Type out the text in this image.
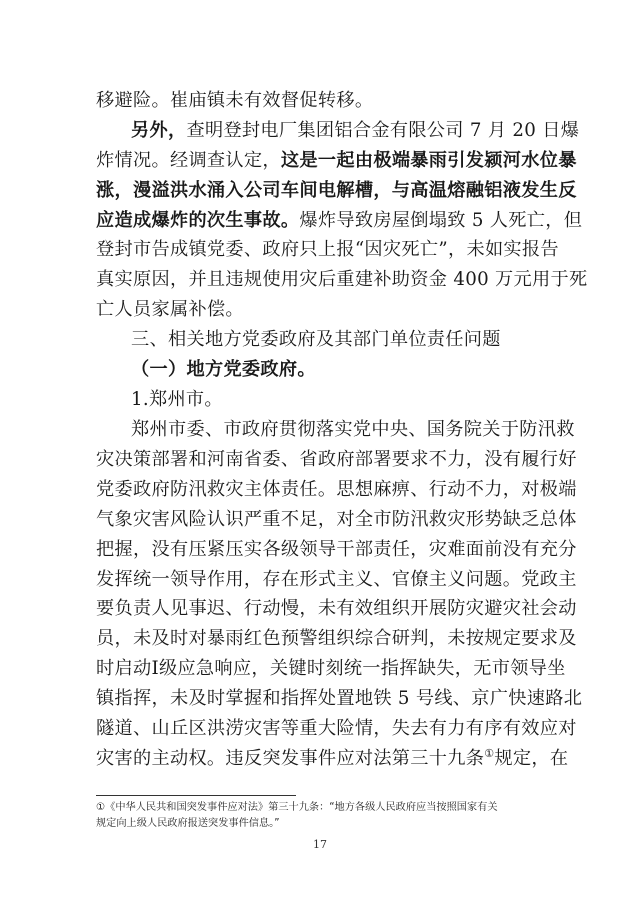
移避险。崔庙镇未有效督促转移。
另外，查明登封电厂集团铝合金有限公司 7 月 20 日爆
炸情况。经调查认定，这是一起由极端暴雨引发颍河水位暴
涨，漫溢洪水涌入公司车间电解槽，与高温熔融铝液发生反
应造成爆炸的次生事故。爆炸导致房屋倒塌致 5 人死亡，但
登封市告成镇党委、政府只上报“因灾死亡”，未如实报告
真实原因，并且违规使用灾后重建补助资金 400 万元用于死
亡人员家属补偿。
三、相关地方党委政府及其部门单位责任问题
（一）地方党委政府。
1.郑州市。
郑州市委、市政府贯彻落实党中央、国务院关于防汛救
灾决策部署和河南省委、省政府部署要求不力，没有履行好
党委政府防汛救灾主体责任。思想麻痹、行动不力，对极端
气象灾害风险认识严重不足，对全市防汛救灾形势缺乏总体
把握，没有压紧压实各级领导干部责任，灾难面前没有充分
发挥统一领导作用，存在形式主义、官僚主义问题。党政主
要负责人见事迟、行动慢，未有效组织开展防灾避灾社会动
员，未及时对暴雨红色预警组织综合研判，未按规定要求及
时启动Ⅰ级应急响应，关键时刻统一指挥缺失，无市领导坐
镇指挥，未及时掌握和指挥处置地铁 5 号线、京广快速路北
①《中华人民共和国突发事件应对法》第三十九条：“地方各级人民政府应当按照国家有关
规定向上级人民政府报送突发事件信息。”
17
隧道、山丘区洪涝灾害等重大险情，失去有力有序有效应对
灾害的主动权。违反突发事件应对法第三十九条①规定，在
